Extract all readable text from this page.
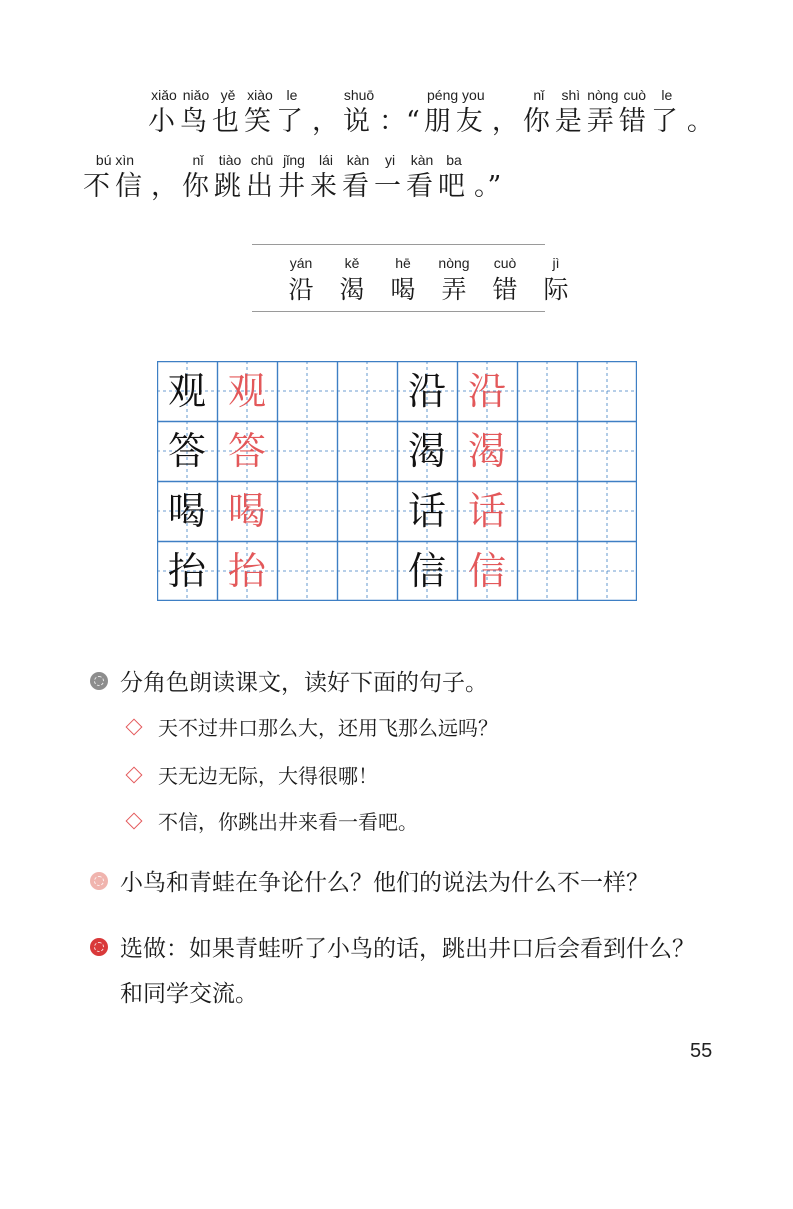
xiǎo
小
niǎo
鸟
yě
也
xiào
笑
le
了 ，
shuō
说 ：“
péng you
朋友 ，
nǐ
你
shì
是
nòng
弄
cuò
错
le
了 。
bú xìn
不信 ，
nǐ
你
tiào
跳
chū
出
jǐng
井
lái
来
kàn
看
yi
一
kàn
看
ba
吧 。”
yán
沿
kě
渴
hē
喝
nòng
弄
cuò
错
jì
际
观 观
答 答
喝 喝
抬 抬
沿 沿
渴 渴
话 话
信 信
分角色朗读课文，读好下面的句子。
天不过井口那么大，还用飞那么远吗？
天无边无际，大得很哪！
不信，你跳出井来看一看吧。
小鸟和青蛙在争论什么？他们的说法为什么不一样？
选做：如果青蛙听了小鸟的话，跳出井口后会看到什么？
和同学交流。
55
